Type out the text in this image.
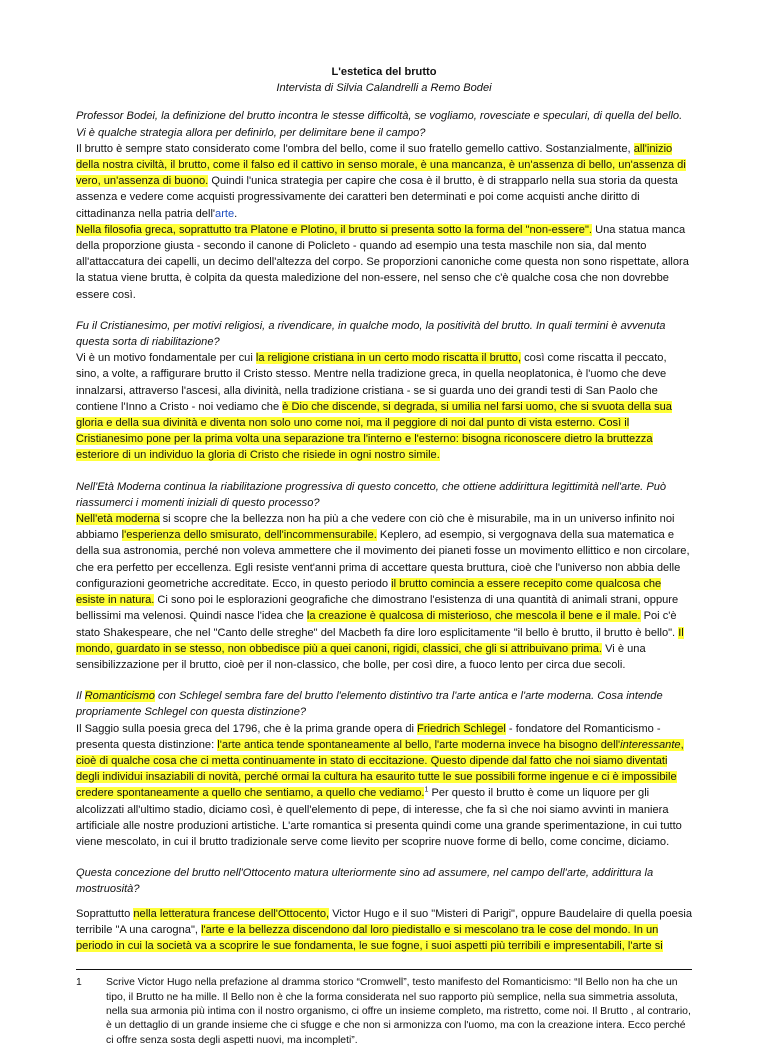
L'estetica del brutto

Intervista di Silvia Calandrelli a Remo Bodei

Professor Bodei, la definizione del brutto incontra le stesse difficoltà, se vogliamo, rovesciate e speculari, di quella del bello. Vi è qualche strategia allora per definirlo, per delimitare bene il campo?

Il brutto è sempre stato considerato come l'ombra del bello, come il suo fratello gemello cattivo. Sostanzialmente, all'inizio della nostra civiltà, il brutto, come il falso ed il cattivo in senso morale, è una mancanza, è un'assenza di bello, un'assenza di vero, un'assenza di buono. Quindi l'unica strategia per capire che cosa è il brutto, è di strapparlo nella sua storia da questa assenza e vedere come acquisti progressivamente dei caratteri ben determinati e poi come acquisti anche diritto di cittadinanza nella patria dell'arte.

Nella filosofia greca, soprattutto tra Platone e Plotino, il brutto si presenta sotto la forma del "non-essere". Una statua manca della proporzione giusta - secondo il canone di Policleto - quando ad esempio una testa maschile non sia, dal mento all'attaccatura dei capelli, un decimo dell'altezza del corpo. Se proporzioni canoniche come questa non sono rispettate, allora la statua viene brutta, è colpita da questa maledizione del non-essere, nel senso che c'è qualche cosa che non dovrebbe essere così.

Fu il Cristianesimo, per motivi religiosi, a rivendicare, in qualche modo, la positività del brutto. In quali termini è avvenuta questa sorta di riabilitazione?

Vi è un motivo fondamentale per cui la religione cristiana in un certo modo riscatta il brutto, così come riscatta il peccato, sino, a volte, a raffigurare brutto il Cristo stesso. Mentre nella tradizione greca, in quella neoplatonica, è l'uomo che deve innalzarsi, attraverso l'ascesi, alla divinità, nella tradizione cristiana - se si guarda uno dei grandi testi di San Paolo che contiene l'Inno a Cristo - noi vediamo che è Dio che discende, si degrada, si umilia nel farsi uomo, che si svuota della sua gloria e della sua divinità e diventa non solo uno come noi, ma il peggiore di noi dal punto di vista esterno. Così il Cristianesimo pone per la prima volta una separazione tra l'interno e l'esterno: bisogna riconoscere dietro la bruttezza esteriore di un individuo la gloria di Cristo che risiede in ogni nostro simile.

Nell'Età Moderna continua la riabilitazione progressiva di questo concetto, che ottiene addirittura legittimità nell'arte. Può riassumerci i momenti iniziali di questo processo?

Nell'età moderna si scopre che la bellezza non ha più a che vedere con ciò che è misurabile, ma in un universo infinito noi abbiamo l'esperienza dello smisurato, dell'incommensurabile. Keplero, ad esempio, si vergognava della sua matematica e della sua astronomia, perché non voleva ammettere che il movimento dei pianeti fosse un movimento ellittico e non circolare, che era perfetto per eccellenza. Egli resiste vent'anni prima di accettare questa bruttura, cioè che l'universo non abbia delle configurazioni geometriche accreditate. Ecco, in questo periodo il brutto comincia a essere recepito come qualcosa che esiste in natura. Ci sono poi le esplorazioni geografiche che dimostrano l'esistenza di una quantità di animali strani, oppure bellissimi ma velenosi. Quindi nasce l'idea che la creazione è qualcosa di misterioso, che mescola il bene e il male. Poi c'è stato Shakespeare, che nel "Canto delle streghe" del Macbeth fa dire loro esplicitamente "il bello è brutto, il brutto è bello". Il mondo, guardato in se stesso, non obbedisce più a quei canoni, rigidi, classici, che gli si attribuivano prima. Vi è una sensibilizzazione per il brutto, cioè per il non-classico, che bolle, per così dire, a fuoco lento per circa due secoli.

Il Romanticismo con Schlegel sembra fare del brutto l'elemento distintivo tra l'arte antica e l'arte moderna. Cosa intende propriamente Schlegel con questa distinzione?

Il Saggio sulla poesia greca del 1796, che è la prima grande opera di Friedrich Schlegel - fondatore del Romanticismo - presenta questa distinzione: l'arte antica tende spontaneamente al bello, l'arte moderna invece ha bisogno dell'interessante, cioè di qualche cosa che ci metta continuamente in stato di eccitazione. Questo dipende dal fatto che noi siamo diventati degli individui insaziabili di novità, perché ormai la cultura ha esaurito tutte le sue possibili forme ingenue e ci è impossibile credere spontaneamente a quello che sentiamo, a quello che vediamo.$^1$ Per questo il brutto è come un liquore per gli alcolizzati all'ultimo stadio, diciamo così, è quell'elemento di pepe, di interesse, che fa sì che noi siamo avvinti in maniera artificiale alle nostre produzioni artistiche. L'arte romantica si presenta quindi come una grande sperimentazione, in cui tutto viene mescolato, in cui il brutto tradizionale serve come lievito per scoprire nuove forme di bello, come concime, diciamo.

Questa concezione del brutto nell'Ottocento matura ulteriormente sino ad assumere, nel campo dell'arte, addirittura la mostruosità?

Soprattutto nella letteratura francese dell'Ottocento, Victor Hugo e il suo "Misteri di Parigi", oppure Baudelaire di quella poesia terribile "A una carogna", l'arte e la bellezza discendono dal loro piedistallo e si mescolano tra le cose del mondo. In un periodo in cui la società va a scoprire le sue fondamenta, le sue fogne, i suoi aspetti più terribili e impresentabili, l'arte si

1	Scrive Victor Hugo nella prefazione al dramma storico “Cromwell”, testo manifesto del Romanticismo: “Il Bello non ha che un tipo, il Brutto ne ha mille. Il Bello non è che la forma considerata nel suo rapporto più semplice, nella sua simmetria assoluta, nella sua armonia più intima con il nostro organismo, ci offre un insieme completo, ma ristretto, come noi. Il Brutto , al contrario, è un dettaglio di un grande insieme che ci sfugge e che non si armonizza con l'uomo, ma con la creazione intera. Ecco perché ci offre senza sosta degli aspetti nuovi, ma incompleti”.
